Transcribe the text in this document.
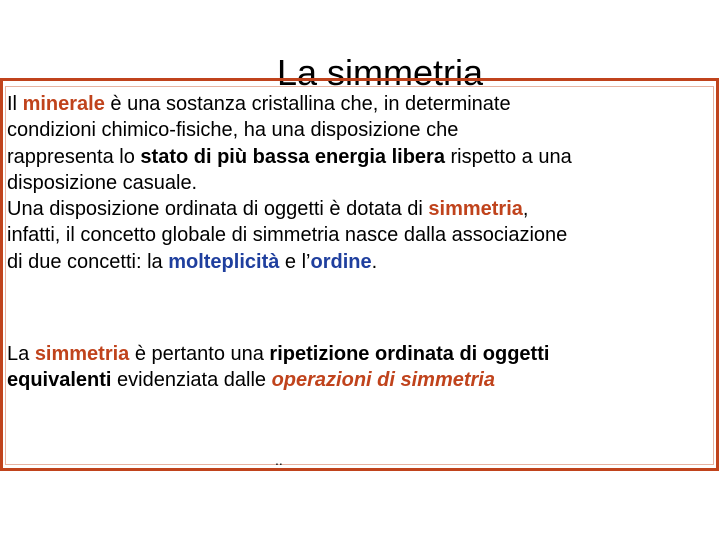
La simmetria

Il minerale è una sostanza cristallina che, in determinate
condizioni chimico-fisiche, ha una disposizione che
rappresenta lo stato di più bassa energia libera rispetto a una
disposizione casuale.
Una disposizione ordinata di oggetti è dotata di simmetria,
infatti, il concetto globale di simmetria nasce dalla associazione
di due concetti: la molteplicità e l’ordine.

La simmetria è pertanto una ripetizione ordinata di oggetti
equivalenti evidenziata dalle operazioni di simmetria

..
